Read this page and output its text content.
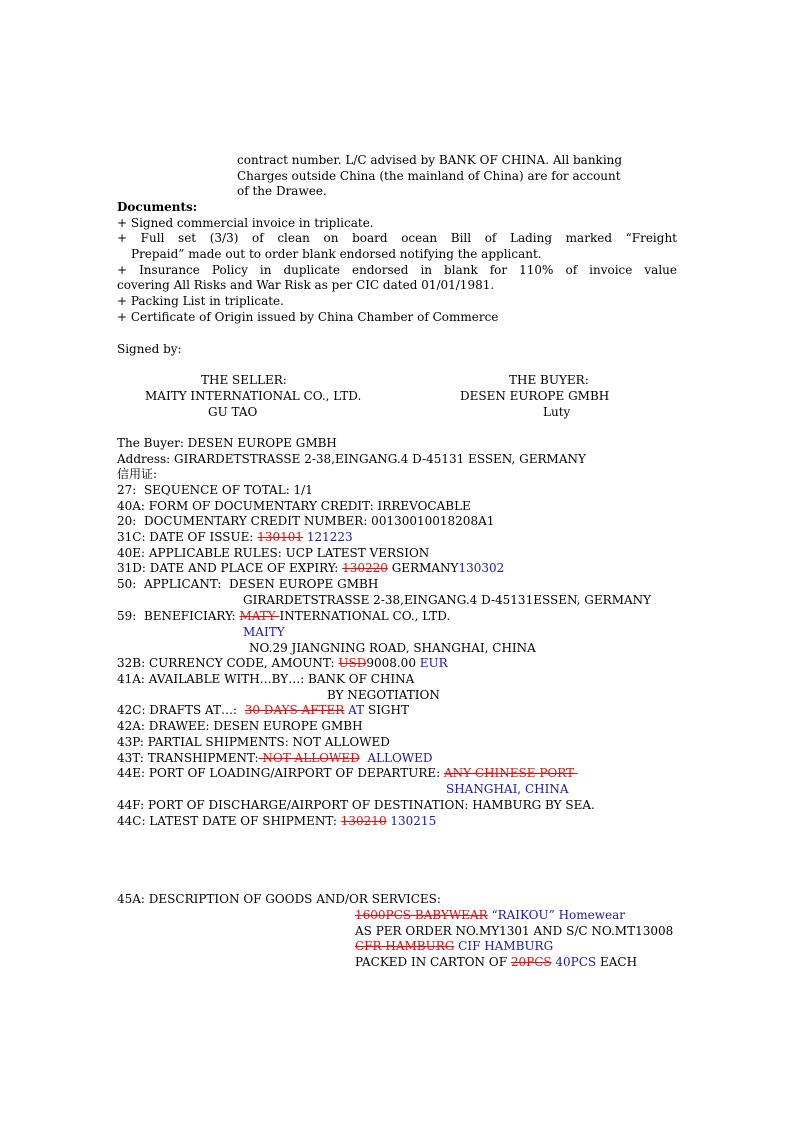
contract number. L/C advised by BANK OF CHINA. All banking
Charges outside China (the mainland of China) are for account
of the Drawee.
Documents:
+ Signed commercial invoice in triplicate.
+ Full set (3/3) of clean on board ocean Bill of Lading marked “Freight
Prepaid” made out to order blank endorsed notifying the applicant.
+ Insurance Policy in duplicate endorsed in blank for 110% of invoice value
covering All Risks and War Risk as per CIC dated 01/01/1981.
+ Packing List in triplicate.
+ Certificate of Origin issued by China Chamber of Commerce
Signed by:
THE SELLER:
MAITY INTERNATIONAL CO., LTD.
GU TAO
THE BUYER:
DESEN EUROPE GMBH
Luty
The Buyer: DESEN EUROPE GMBH
Address: GIRARDETSTRASSE 2-38,EINGANG.4 D-45131 ESSEN, GERMANY
信用证:
27:  SEQUENCE OF TOTAL: 1/1
40A: FORM OF DOCUMENTARY CREDIT: IRREVOCABLE
20:  DOCUMENTARY CREDIT NUMBER: 00130010018208A1
31C: DATE OF ISSUE: 130101 121223
40E: APPLICABLE RULES: UCP LATEST VERSION
31D: DATE AND PLACE OF EXPIRY: 130220 GERMANY130302
50:  APPLICANT:  DESEN EUROPE GMBH
GIRARDETSTRASSE 2-38,EINGANG.4 D-45131ESSEN, GERMANY
59:  BENEFICIARY: MATY INTERNATIONAL CO., LTD.
MAITY
NO.29 JIANGNING ROAD, SHANGHAI, CHINA
32B: CURRENCY CODE, AMOUNT: USD9008.00 EUR
41A: AVAILABLE WITH…BY…: BANK OF CHINA
BY NEGOTIATION
42C: DRAFTS AT…:  30 DAYS AFTER AT SIGHT
42A: DRAWEE: DESEN EUROPE GMBH
43P: PARTIAL SHIPMENTS: NOT ALLOWED
43T: TRANSHIPMENT: NOT ALLOWED  ALLOWED
44E: PORT OF LOADING/AIRPORT OF DEPARTURE: ANY CHINESE PORT
SHANGHAI, CHINA
44F: PORT OF DISCHARGE/AIRPORT OF DESTINATION: HAMBURG BY SEA.
44C: LATEST DATE OF SHIPMENT: 130210 130215
45A: DESCRIPTION OF GOODS AND/OR SERVICES:
1600PCS BABYWEAR “RAIKOU” Homewear
AS PER ORDER NO.MY1301 AND S/C NO.MT13008
CFR HAMBURG CIF HAMBURG
PACKED IN CARTON OF 20PCS 40PCS EACH
